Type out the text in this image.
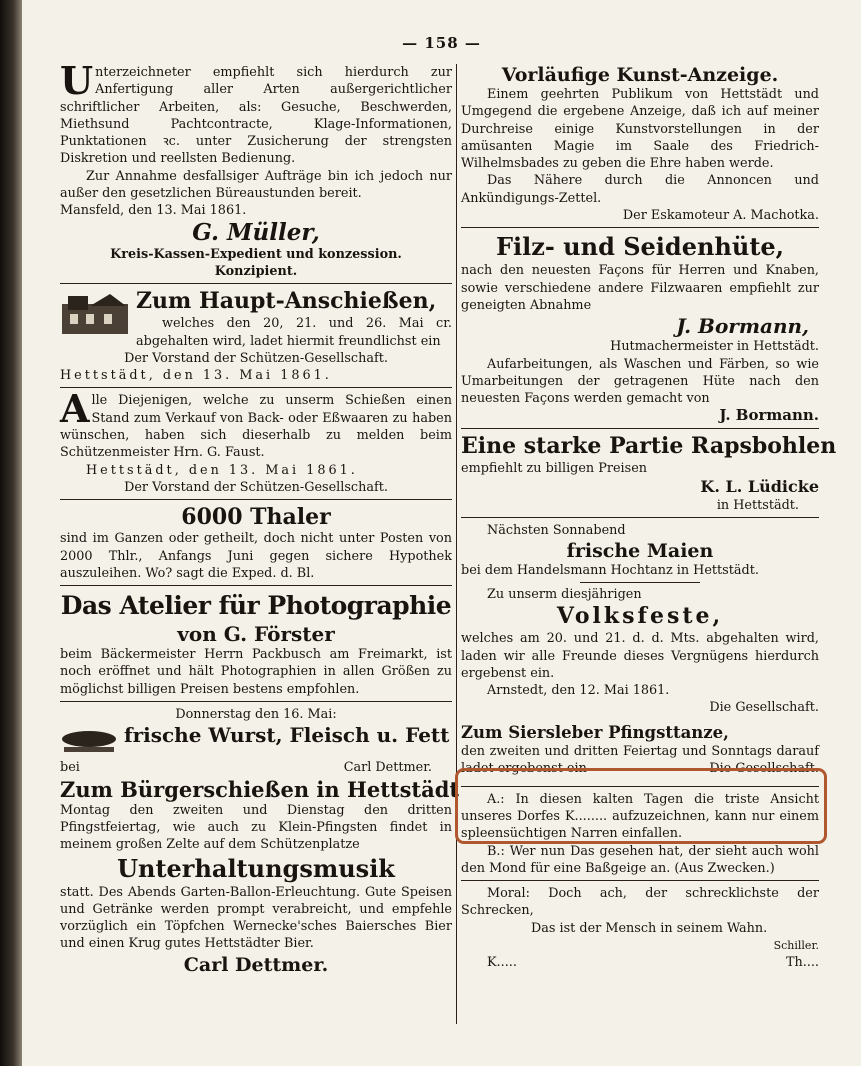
— 158 —

Unterzeichneter empfiehlt sich hierdurch zur Anfertigung aller Arten außergerichtlicher schriftlicher Arbeiten, als: Gesuche, Beschwerden, Miethsund Pachtcontracte, Klage-Informationen, Punktationen ꝛc. unter Zusicherung der strengsten Diskretion und reellsten Bedienung.

Zur Annahme desfallsiger Aufträge bin ich jedoch nur außer den gesetzlichen Büreaustunden bereit.

Mansfeld, den 13. Mai 1861.

G. Müller,

Kreis-Kassen-Expedient und konzession.

Konzipient.

Zum Haupt-Anschießen,

welches den 20, 21. und 26. Mai cr. abgehalten wird, ladet hiermit freundlichst ein

Der Vorstand der Schützen-Gesellschaft.

Hettstädt, den 13. Mai 1861.

Alle Diejenigen, welche zu unserm Schießen einen Stand zum Verkauf von Back- oder Eßwaaren zu haben wünschen, haben sich dieserhalb zu melden beim Schützenmeister Hrn. G. Faust.

Hettstädt, den 13. Mai 1861.

Der Vorstand der Schützen-Gesellschaft.

6000 Thaler

sind im Ganzen oder getheilt, doch nicht unter Posten von 2000 Thlr., Anfangs Juni gegen sichere Hypothek auszuleihen. Wo? sagt die Exped. d. Bl.

Das Atelier für Photographie

von G. Förster

beim Bäckermeister Herrn Packbusch am Freimarkt, ist noch eröffnet und hält Photographien in allen Größen zu möglichst billigen Preisen bestens empfohlen.

Donnerstag den 16. Mai:

frische Wurst, Fleisch u. Fett

bei	Carl Dettmer.

Zum Bürgerschießen in Hettstädt

Montag den zweiten und Dienstag den dritten Pfingstfeiertag, wie auch zu Klein-Pfingsten findet in meinem großen Zelte auf dem Schützenplatze

Unterhaltungsmusik

statt. Des Abends Garten-Ballon-Erleuchtung. Gute Speisen und Getränke werden prompt verabreicht, und empfehle vorzüglich ein Töpfchen Wernecke'sches Baiersches Bier und einen Krug gutes Hettstädter Bier.

Carl Dettmer.

Vorläufige Kunst-Anzeige.

Einem geehrten Publikum von Hettstädt und Umgegend die ergebene Anzeige, daß ich auf meiner Durchreise einige Kunstvorstellungen in der amüsanten Magie im Saale des Friedrich-Wilhelmsbades zu geben die Ehre haben werde.

Das Nähere durch die Annoncen und Ankündigungs-Zettel.

Der Eskamoteur A. Machotka.

Filz- und Seidenhüte,

nach den neuesten Façons für Herren und Knaben, sowie verschiedene andere Filzwaaren empfiehlt zur geneigten Abnahme

J. Bormann,

Hutmachermeister in Hettstädt.

Aufarbeitungen, als Waschen und Färben, so wie Umarbeitungen der getragenen Hüte nach den neuesten Façons werden gemacht von

J. Bormann.

Eine starke Partie Rapsbohlen

empfiehlt zu billigen Preisen

K. L. Lüdicke

in Hettstädt.

Nächsten Sonnabend

frische Maien

bei dem Handelsmann Hochtanz in Hettstädt.

Zu unserm diesjährigen

Volksfeste,

welches am 20. und 21. d. d. Mts. abgehalten wird, laden wir alle Freunde dieses Vergnügens hierdurch ergebenst ein.

Arnstedt, den 12. Mai 1861.

Die Gesellschaft.

Zum Siersleber Pfingsttanze,

den zweiten und dritten Feiertag und Sonntags darauf ladet ergebenst ein	Die Gesellschaft.

A.: In diesen kalten Tagen die triste Ansicht unseres Dorfes K........ aufzuzeichnen, kann nur einem spleensüchtigen Narren einfallen.

B.: Wer nun Das gesehen hat, der sieht auch wohl den Mond für eine Baßgeige an. (Aus Zwecken.)

Moral: Doch ach, der schrecklichste der Schrecken,

Das ist der Mensch in seinem Wahn.

Schiller.

K.....	Th....
